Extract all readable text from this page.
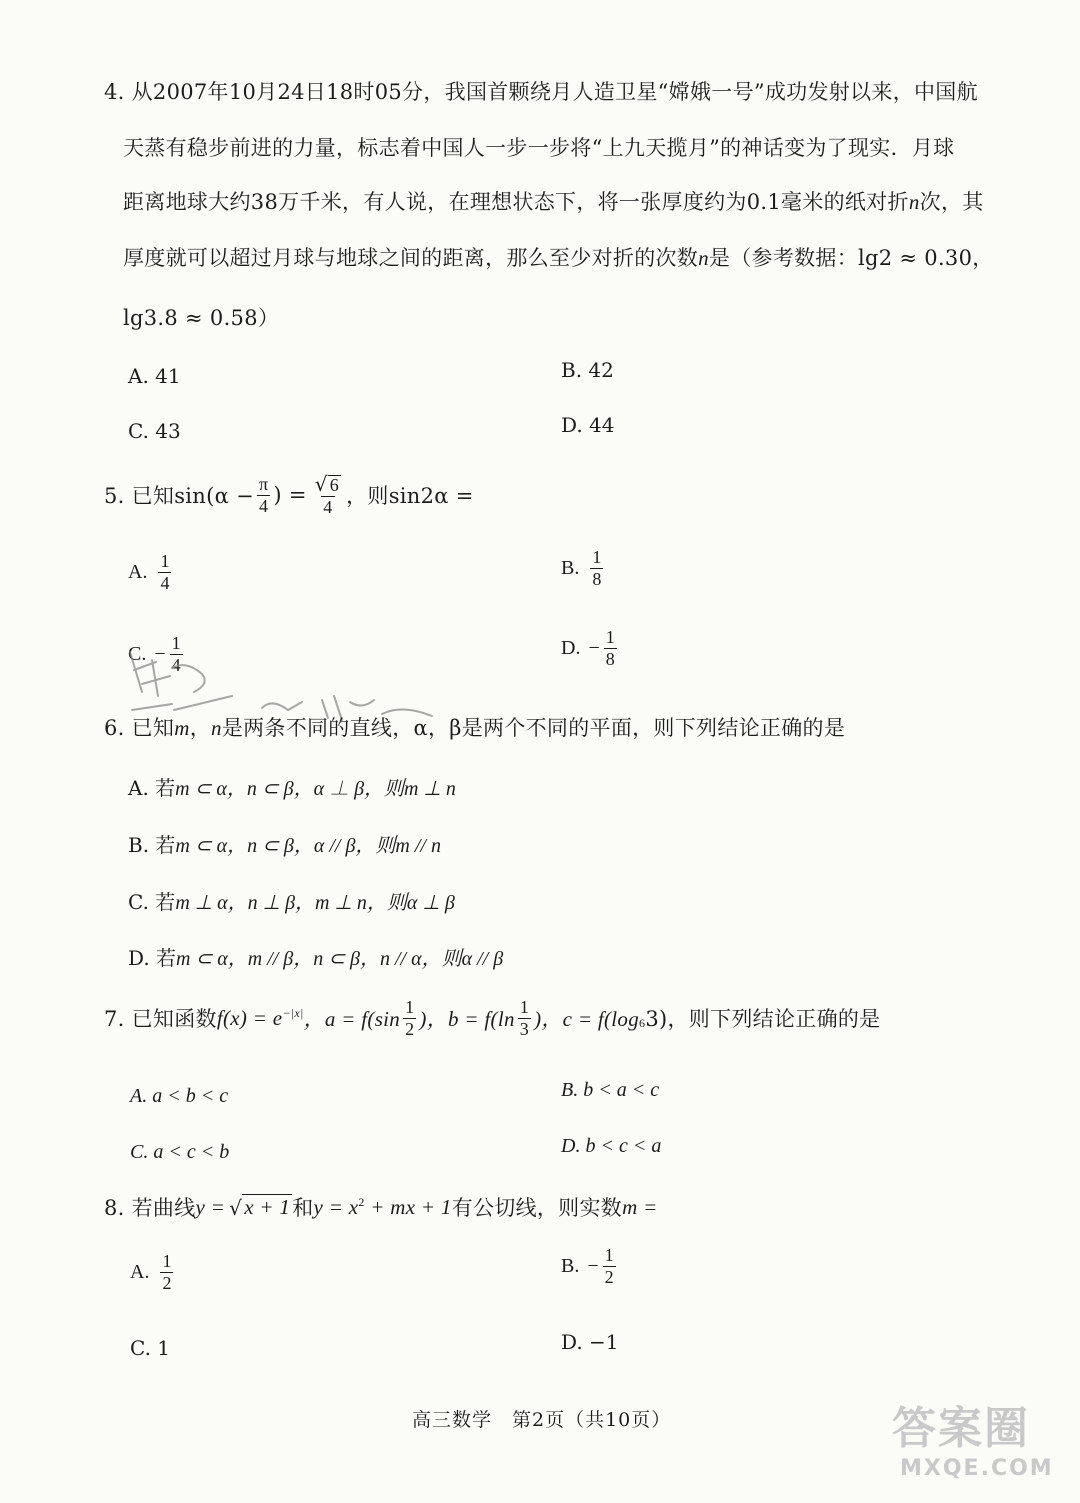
4. 从2007年10月24日18时05分，我国首颗绕月人造卫星“嫦娥一号”成功发射以来，中国航
天蒸有稳步前进的力量，标志着中国人一步一步将“上九天揽月”的神话变为了现实．月球
距离地球大约38万千米，有人说，在理想状态下，将一张厚度约为0.1毫米的纸对折n次，其
厚度就可以超过月球与地球之间的距离，那么至少对折的次数n是（参考数据：lg2 ≈ 0.30，
lg3.8 ≈ 0.58）
A. 41	B. 42
C. 43	D. 44
5. 已知$\sin(\alpha - \frac{\pi}{4}$ ) = $\frac{√ 6}{4}$ ，则sin2α =
A. $\frac{1}{4}$	B. $\frac{1}{8}$
C. − $\frac{1}{4}$	D. − $\frac{1}{8}$
6. 已知m，n是两条不同的直线，α，β是两个不同的平面，则下列结论正确的是
A. 若 m ⊂ α，n ⊂ β，α ⊥ β，则m ⊥ n
B. 若 m ⊂ α，n ⊂ β，α // β，则m // n
C. 若 m ⊥ α，n ⊥ β，m ⊥ n，则α ⊥ β
D. 若 m ⊂ α，m // β，n ⊂ β，n // α，则α // β
7. 已知函数 $f(x) = e^{-|x|}$ ，$a = f(\sin \frac{1}{2}$ )，$b = f(\ln \frac{1}{3}$ )，$c = f(\log_6$ 3)，则下列结论正确的是
A. a < b < c	B. b < a < c
C. a < c < b	D. b < c < a
8. 若曲线 y = √ x + 1 和 $y = x^2$ + mx + 1 有公切线，则实数 m =
A. $\frac{1}{2}$	B. − $\frac{1}{2}$
C. 1	D. −1
高三数学　第2页（共10页）	答案圈
MXQE.COM
